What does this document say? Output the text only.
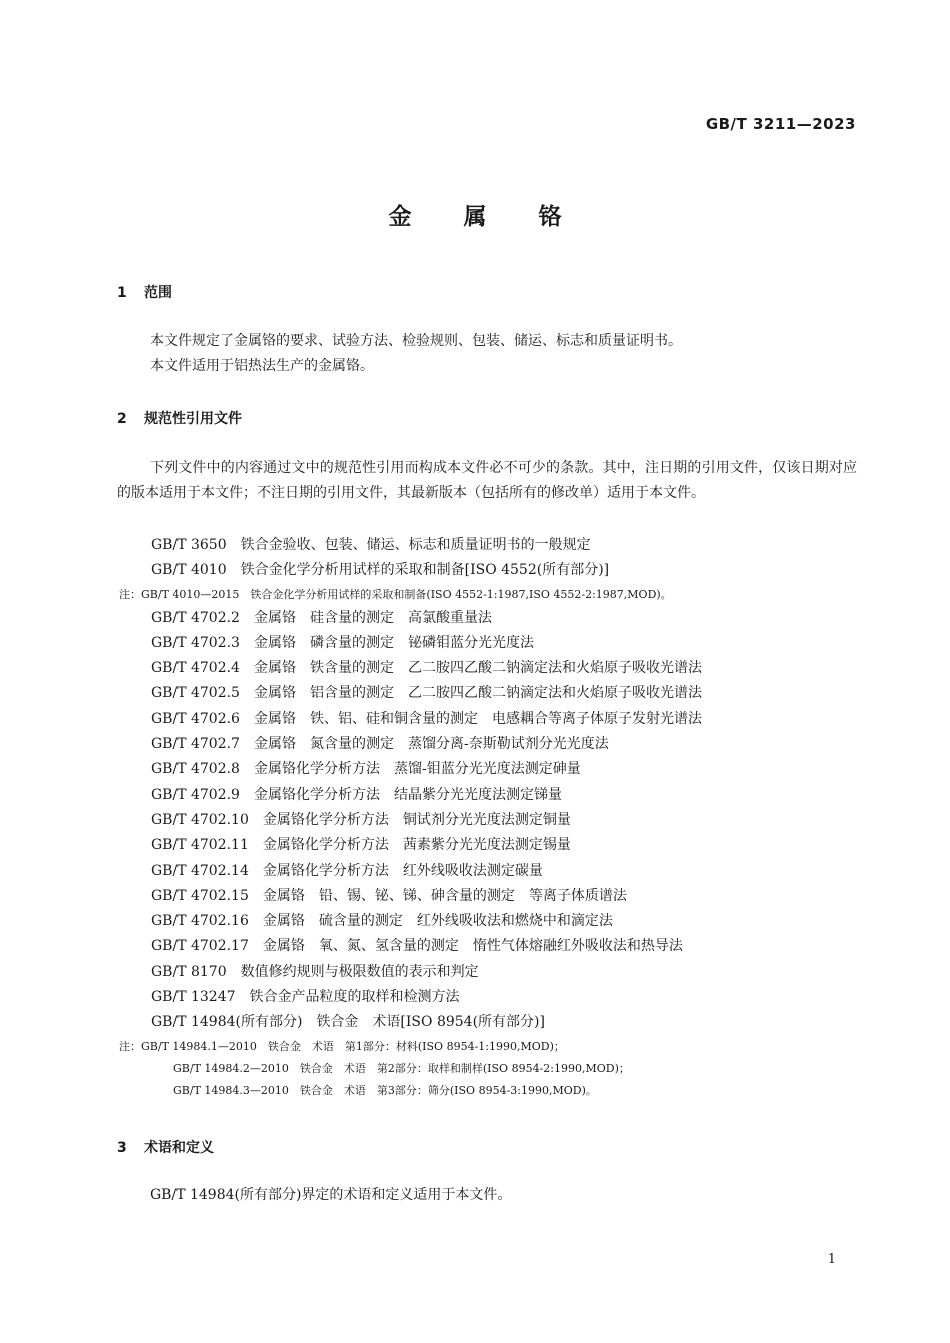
GB/T 3211—2023
金属铬
1 范围
本文件规定了金属铬的要求、试验方法、检验规则、包装、储运、标志和质量证明书。
本文件适用于铝热法生产的金属铬。
2 规范性引用文件
下列文件中的内容通过文中的规范性引用而构成本文件必不可少的条款。其中，注日期的引用文件，仅该日期对应的版本适用于本文件；不注日期的引用文件，其最新版本（包括所有的修改单）适用于本文件。
GB/T 3650 铁合金验收、包装、储运、标志和质量证明书的一般规定
GB/T 4010 铁合金化学分析用试样的采取和制备[ISO 4552(所有部分)]
注：GB/T 4010—2015　铁合金化学分析用试样的采取和制备(ISO 4552-1:1987,ISO 4552-2:1987,MOD)。
GB/T 4702.2 金属铬 硅含量的测定　高氯酸重量法
GB/T 4702.3 金属铬 磷含量的测定　铋磷钼蓝分光光度法
GB/T 4702.4 金属铬 铁含量的测定　乙二胺四乙酸二钠滴定法和火焰原子吸收光谱法
GB/T 4702.5 金属铬 铝含量的测定　乙二胺四乙酸二钠滴定法和火焰原子吸收光谱法
GB/T 4702.6 金属铬 铁、铝、硅和铜含量的测定　电感耦合等离子体原子发射光谱法
GB/T 4702.7 金属铬 氮含量的测定　蒸馏分离-奈斯勒试剂分光光度法
GB/T 4702.8 金属铬化学分析方法 蒸馏-钼蓝分光光度法测定砷量
GB/T 4702.9 金属铬化学分析方法 结晶紫分光光度法测定锑量
GB/T 4702.10 金属铬化学分析方法 铜试剂分光光度法测定铜量
GB/T 4702.11 金属铬化学分析方法 茜素紫分光光度法测定锡量
GB/T 4702.14 金属铬化学分析方法 红外线吸收法测定碳量
GB/T 4702.15 金属铬 铅、锡、铋、锑、砷含量的测定　等离子体质谱法
GB/T 4702.16 金属铬 硫含量的测定　红外线吸收法和燃烧中和滴定法
GB/T 4702.17 金属铬 氧、氮、氢含量的测定　惰性气体熔融红外吸收法和热导法
GB/T 8170 数值修约规则与极限数值的表示和判定
GB/T 13247 铁合金产品粒度的取样和检测方法
GB/T 14984(所有部分) 铁合金　术语[ISO 8954(所有部分)]
注：GB/T 14984.1—2010　铁合金　术语　第1部分：材料(ISO 8954-1:1990,MOD)；
GB/T 14984.2—2010　铁合金　术语　第2部分：取样和制样(ISO 8954-2:1990,MOD)；
GB/T 14984.3—2010　铁合金　术语　第3部分：筛分(ISO 8954-3:1990,MOD)。
3 术语和定义
GB/T 14984(所有部分)界定的术语和定义适用于本文件。
1
